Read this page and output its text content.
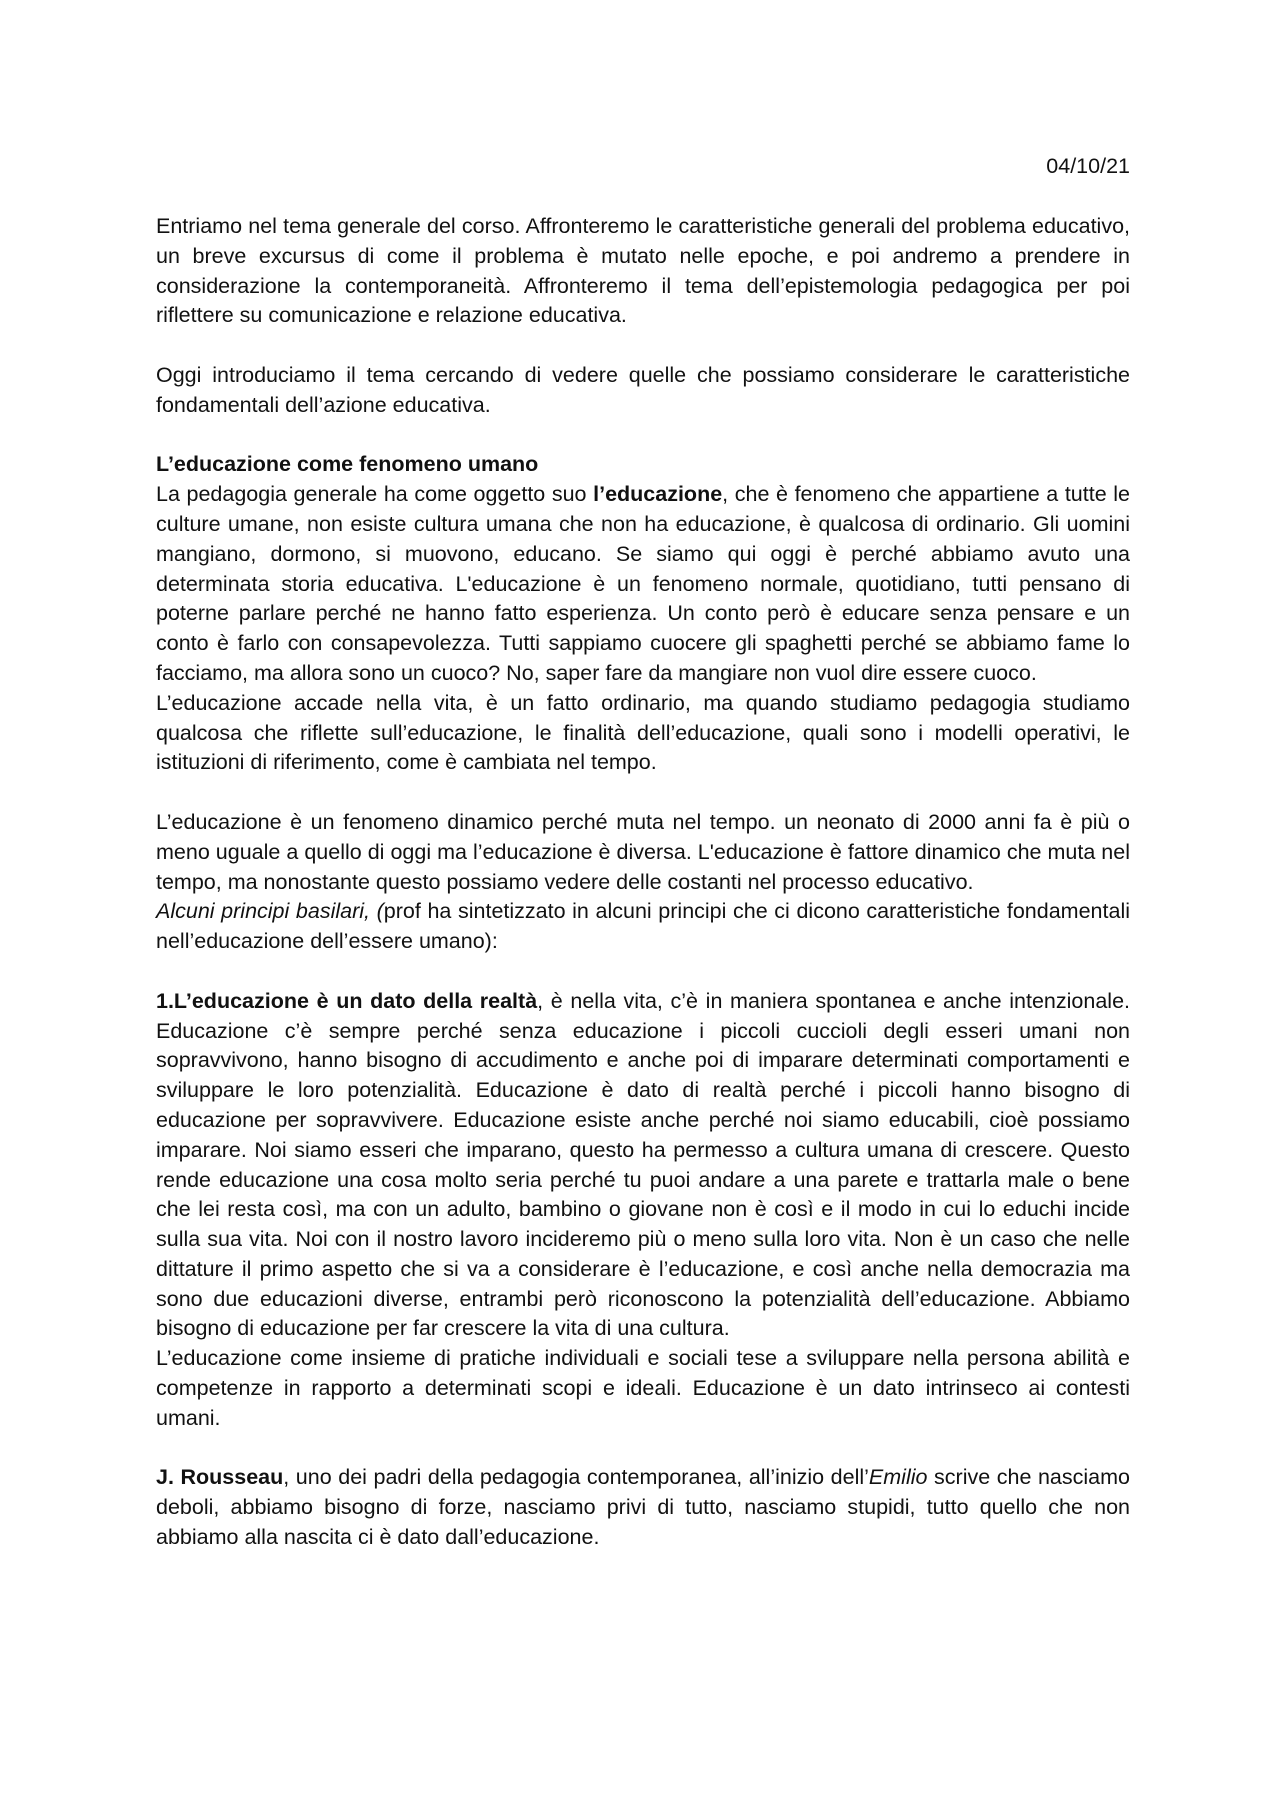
04/10/21

Entriamo nel tema generale del corso. Affronteremo le caratteristiche generali del problema educativo, un breve excursus di come il problema è mutato nelle epoche, e poi andremo a prendere in considerazione la contemporaneità. Affronteremo il tema dell’epistemologia pedagogica per poi riflettere su comunicazione e relazione educativa.

Oggi introduciamo il tema cercando di vedere quelle che possiamo considerare le caratteristiche fondamentali dell’azione educativa.

L’educazione come fenomeno umano

La pedagogia generale ha come oggetto suo l’educazione, che è fenomeno che appartiene a tutte le culture umane, non esiste cultura umana che non ha educazione, è qualcosa di ordinario. Gli uomini mangiano, dormono, si muovono, educano. Se siamo qui oggi è perché abbiamo avuto una determinata storia educativa. L'educazione è un fenomeno normale, quotidiano, tutti pensano di poterne parlare perché ne hanno fatto esperienza. Un conto però è educare senza pensare e un conto è farlo con consapevolezza. Tutti sappiamo cuocere gli spaghetti perché se abbiamo fame lo facciamo, ma allora sono un cuoco? No, saper fare da mangiare non vuol dire essere cuoco.

L’educazione accade nella vita, è un fatto ordinario, ma quando studiamo pedagogia studiamo qualcosa che riflette sull’educazione, le finalità dell’educazione, quali sono i modelli operativi, le istituzioni di riferimento, come è cambiata nel tempo.

L’educazione è un fenomeno dinamico perché muta nel tempo. un neonato di 2000 anni fa è più o meno uguale a quello di oggi ma l’educazione è diversa. L'educazione è fattore dinamico che muta nel tempo, ma nonostante questo possiamo vedere delle costanti nel processo educativo.

Alcuni principi basilari, (prof ha sintetizzato in alcuni principi che ci dicono caratteristiche fondamentali nell’educazione dell’essere umano):

1.L’educazione è un dato della realtà, è nella vita, c’è in maniera spontanea e anche intenzionale. Educazione c’è sempre perché senza educazione i piccoli cuccioli degli esseri umani non sopravvivono, hanno bisogno di accudimento e anche poi di imparare determinati comportamenti e sviluppare le loro potenzialità. Educazione è dato di realtà perché i piccoli hanno bisogno di educazione per sopravvivere. Educazione esiste anche perché noi siamo educabili, cioè possiamo imparare. Noi siamo esseri che imparano, questo ha permesso a cultura umana di crescere. Questo rende educazione una cosa molto seria perché tu puoi andare a una parete e trattarla male o bene che lei resta così, ma con un adulto, bambino o giovane non è così e il modo in cui lo educhi incide sulla sua vita. Noi con il nostro lavoro incideremo più o meno sulla loro vita. Non è un caso che nelle dittature il primo aspetto che si va a considerare è l’educazione, e così anche nella democrazia ma sono due educazioni diverse, entrambi però riconoscono la potenzialità dell’educazione. Abbiamo bisogno di educazione per far crescere la vita di una cultura.

L’educazione come insieme di pratiche individuali e sociali tese a sviluppare nella persona abilità e competenze in rapporto a determinati scopi e ideali. Educazione è un dato intrinseco ai contesti umani.

J. Rousseau, uno dei padri della pedagogia contemporanea, all’inizio dell’Emilio scrive che nasciamo deboli, abbiamo bisogno di forze, nasciamo privi di tutto, nasciamo stupidi, tutto quello che non abbiamo alla nascita ci è dato dall’educazione.
